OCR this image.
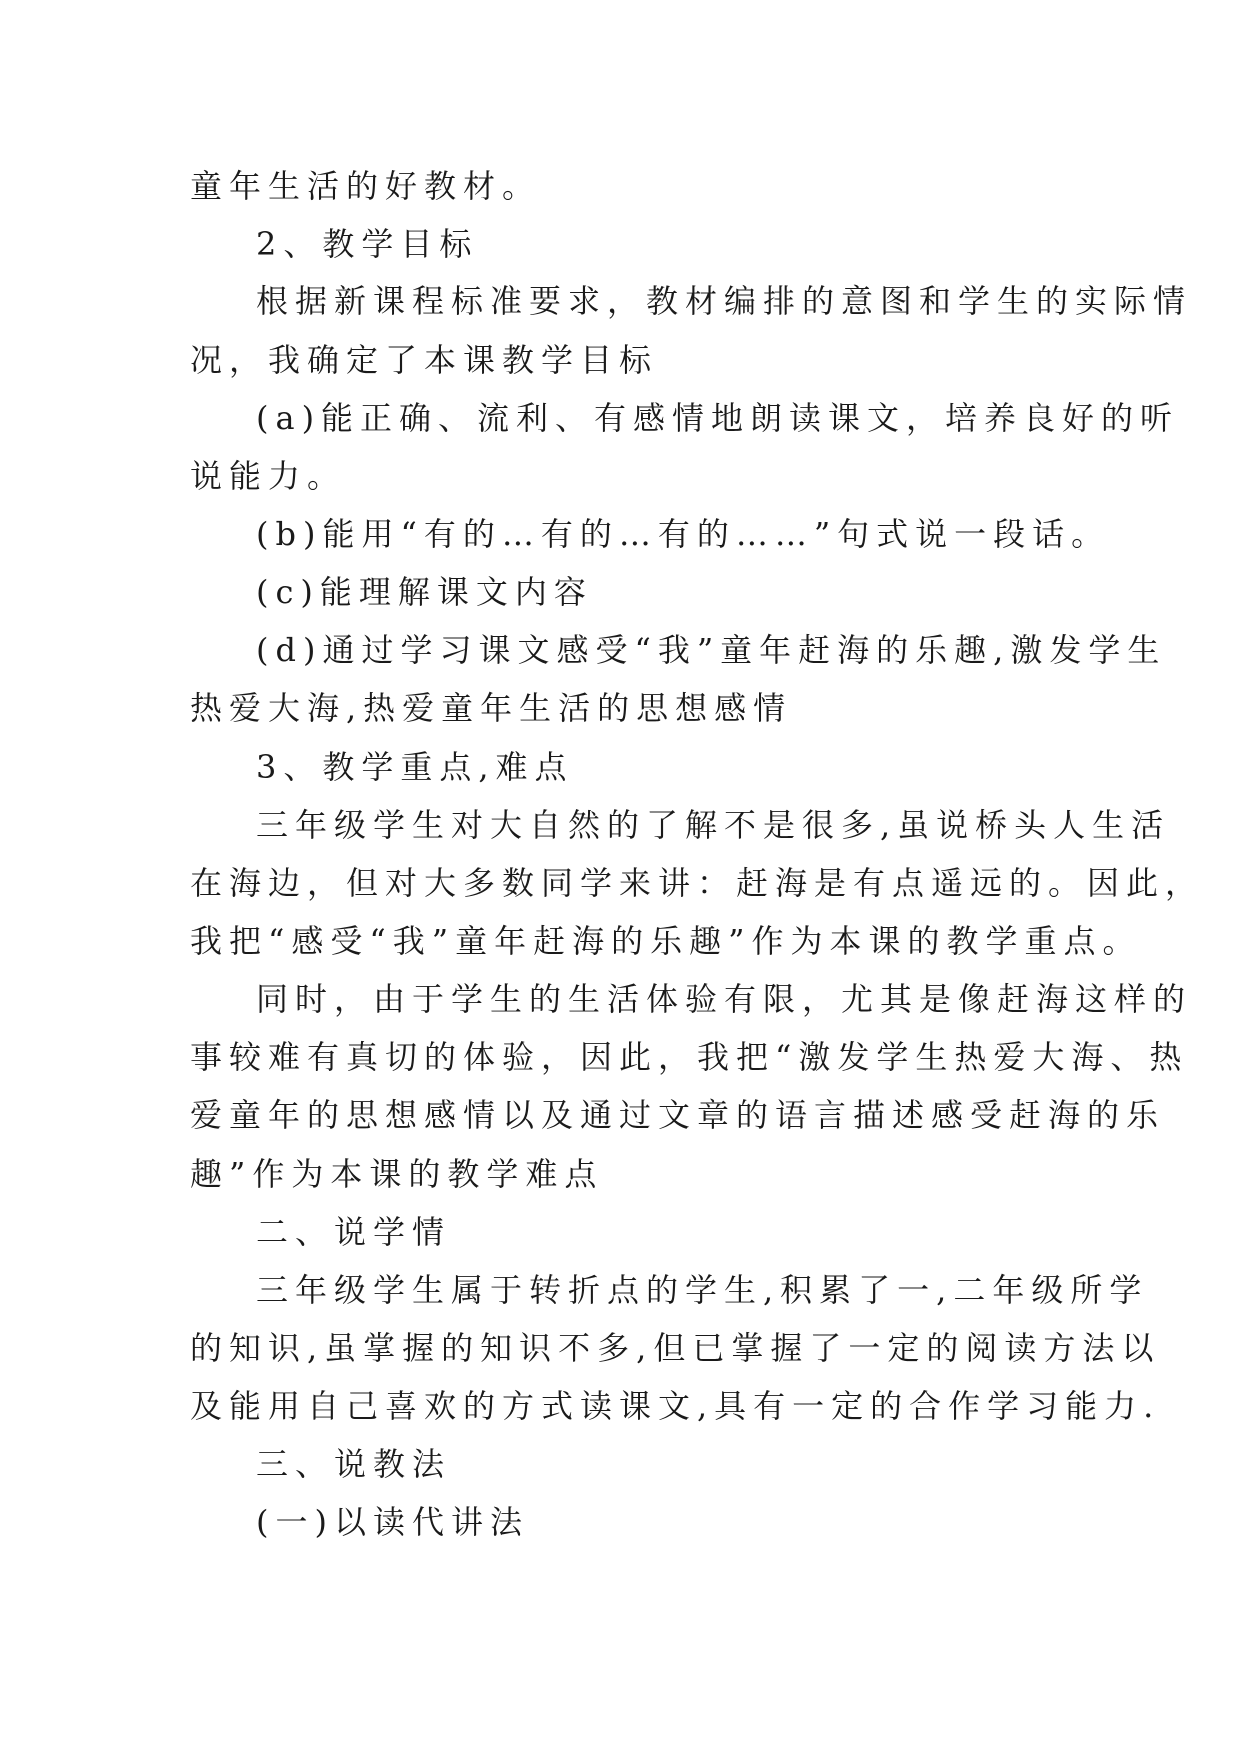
童年生活的好教材。
2、教学目标
根据新课程标准要求，教材编排的意图和学生的实际情
况，我确定了本课教学目标
(a)能正确、流利、有感情地朗读课文，培养良好的听
说能力。
(b)能用“有的…有的…有的……”句式说一段话。
(c)能理解课文内容
(d)通过学习课文感受“我”童年赶海的乐趣,激发学生
热爱大海,热爱童年生活的思想感情
3、教学重点,难点
三年级学生对大自然的了解不是很多,虽说桥头人生活
在海边，但对大多数同学来讲：赶海是有点遥远的。因此，
我把“感受“我”童年赶海的乐趣”作为本课的教学重点。
同时，由于学生的生活体验有限，尤其是像赶海这样的
事较难有真切的体验，因此，我把“激发学生热爱大海、热
爱童年的思想感情以及通过文章的语言描述感受赶海的乐
趣”作为本课的教学难点
二、说学情
三年级学生属于转折点的学生,积累了一,二年级所学
的知识,虽掌握的知识不多,但已掌握了一定的阅读方法以
及能用自己喜欢的方式读课文,具有一定的合作学习能力.
三、说教法
(一)以读代讲法
